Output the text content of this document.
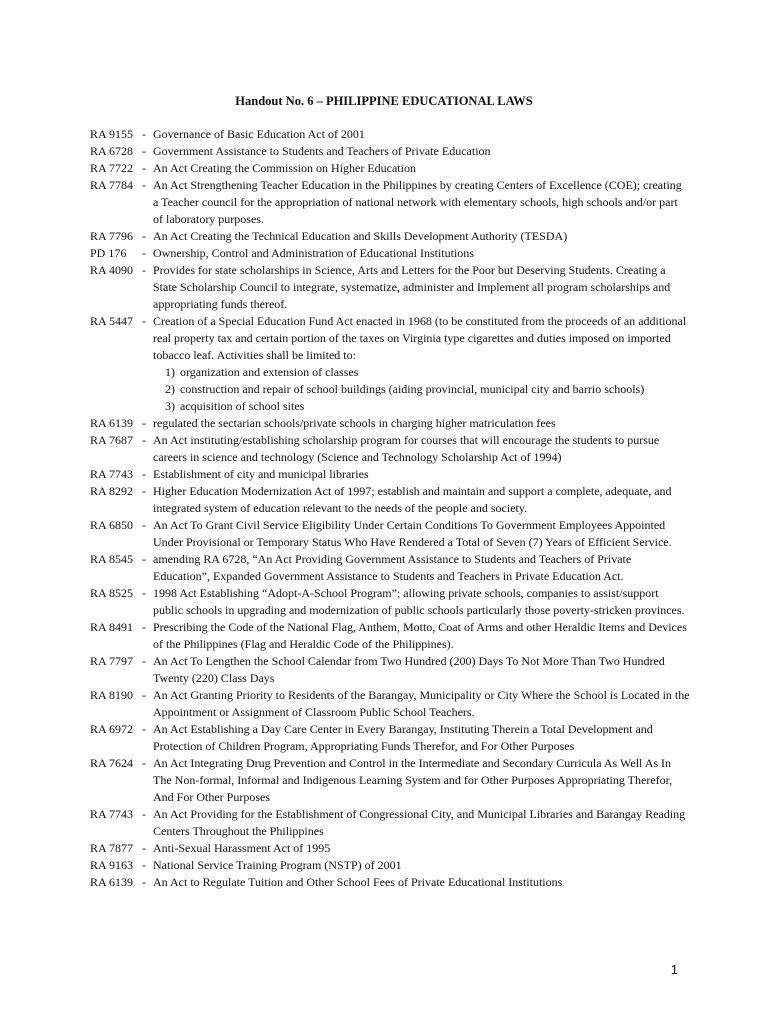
Handout No. 6 – PHILIPPINE EDUCATIONAL LAWS
RA 9155 - Governance of Basic Education Act of 2001
RA 6728 - Government Assistance to Students and Teachers of Private Education
RA 7722 - An Act Creating the Commission on Higher Education
RA 7784 - An Act Strengthening Teacher Education in the Philippines by creating Centers of Excellence (COE); creating a Teacher council for the appropriation of national network with elementary schools, high schools and/or part of laboratory purposes.
RA 7796 - An Act Creating the Technical Education and Skills Development Authority (TESDA)
PD 176	- Ownership, Control and Administration of Educational Institutions
RA 4090 - Provides for state scholarships in Science, Arts and Letters for the Poor but Deserving Students. Creating a State Scholarship Council to integrate, systematize, administer and Implement all program scholarships and appropriating funds thereof.
RA 5447 - Creation of a Special Education Fund Act enacted in 1968 (to be constituted from the proceeds of an additional real property tax and certain portion of the taxes on Virginia type cigarettes and duties imposed on imported tobacco leaf. Activities shall be limited to:
1) organization and extension of classes
2) construction and repair of school buildings (aiding provincial, municipal city and barrio schools)
3) acquisition of school sites
RA 6139 - regulated the sectarian schools/private schools in charging higher matriculation fees
RA 7687 - An Act instituting/establishing scholarship program for courses that will encourage the students to pursue careers in science and technology (Science and Technology Scholarship Act of 1994)
RA 7743 - Establishment of city and municipal libraries
RA 8292 - Higher Education Modernization Act of 1997; establish and maintain and support a complete, adequate, and integrated system of education relevant to the needs of the people and society.
RA 6850 - An Act To Grant Civil Service Eligibility Under Certain Conditions To Government Employees Appointed Under Provisional or Temporary Status Who Have Rendered a Total of Seven (7) Years of Efficient Service.
RA 8545 - amending RA 6728, “An Act Providing Government Assistance to Students and Teachers of Private Education”, Expanded Government Assistance to Students and Teachers in Private Education Act.
RA 8525 - 1998 Act Establishing “Adopt-A-School Program”; allowing private schools, companies to assist/support public schools in upgrading and modernization of public schools particularly those poverty-stricken provinces.
RA 8491 - Prescribing the Code of the National Flag, Anthem, Motto, Coat of Arms and other Heraldic Items and Devices of the Philippines (Flag and Heraldic Code of the Philippines).
RA 7797 - An Act To Lengthen the School Calendar from Two Hundred (200) Days To Not More Than Two Hundred Twenty (220) Class Days
RA 8190 - An Act Granting Priority to Residents of the Barangay, Municipality or City Where the School is Located in the Appointment or Assignment of Classroom Public School Teachers.
RA 6972 - An Act Establishing a Day Care Center in Every Barangay, Instituting Therein a Total Development and Protection of Children Program, Appropriating Funds Therefor, and For Other Purposes
RA 7624 - An Act Integrating Drug Prevention and Control in the Intermediate and Secondary Curricula As Well As In The Non-formal, Informal and Indigenous Learning System and for Other Purposes Appropriating Therefor, And For Other Purposes
RA 7743 - An Act Providing for the Establishment of Congressional City, and Municipal Libraries and Barangay Reading Centers Throughout the Philippines
RA 7877 - Anti-Sexual Harassment Act of 1995
RA 9163 - National Service Training Program (NSTP) of 2001
RA 6139 - An Act to Regulate Tuition and Other School Fees of Private Educational Institutions
1
